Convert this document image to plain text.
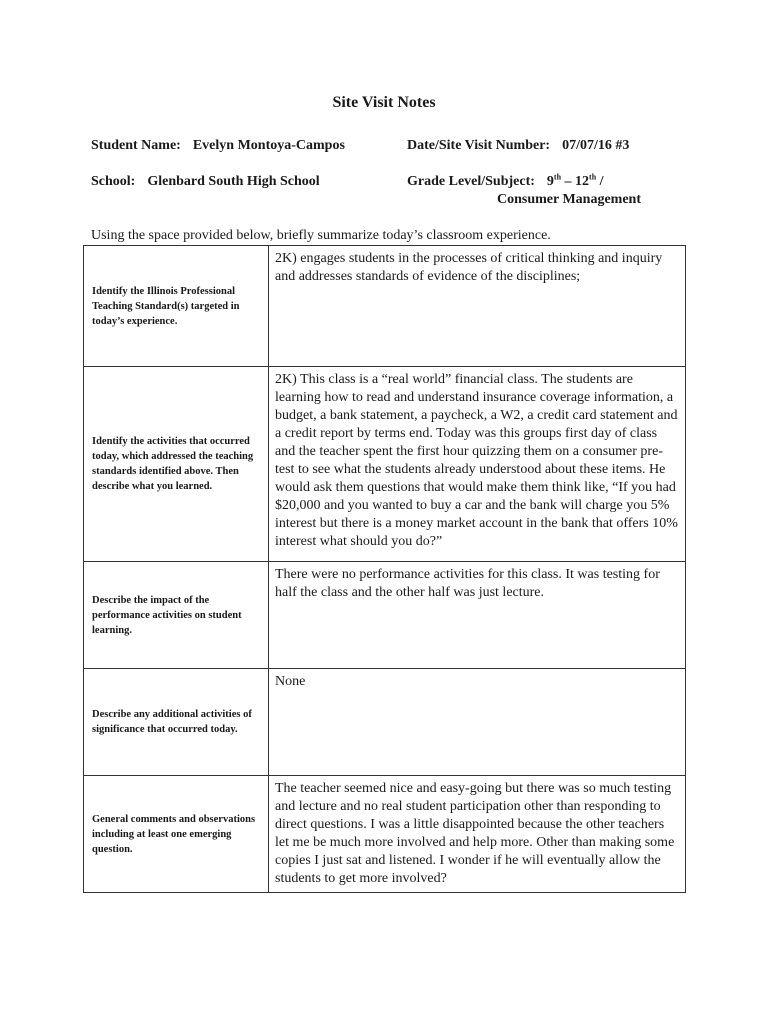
Site Visit Notes
Student Name: Evelyn Montoya-Campos	Date/Site Visit Number: 07/07/16 #3
School: Glenbard South High School	Grade Level/Subject: 9th – 12th /
Consumer Management
Using the space provided below, briefly summarize today’s classroom experience.
Identify the Illinois Professional Teaching Standard(s) targeted in today’s experience.	2K) engages students in the processes of critical thinking and inquiry and addresses standards of evidence of the disciplines;
Identify the activities that occurred today, which addressed the teaching standards identified above. Then describe what you learned.	2K) This class is a “real world” financial class. The students are learning how to read and understand insurance coverage information, a budget, a bank statement, a paycheck, a W2, a credit card statement and a credit report by terms end. Today was this groups first day of class and the teacher spent the first hour quizzing them on a consumer pre-test to see what the students already understood about these items. He would ask them questions that would make them think like, “If you had $20,000 and you wanted to buy a car and the bank will charge you 5% interest but there is a money market account in the bank that offers 10% interest what should you do?”
Describe the impact of the performance activities on student learning.	There were no performance activities for this class. It was testing for half the class and the other half was just lecture.
Describe any additional activities of significance that occurred today.	None
General comments and observations including at least one emerging question.	The teacher seemed nice and easy-going but there was so much testing and lecture and no real student participation other than responding to direct questions. I was a little disappointed because the other teachers let me be much more involved and help more. Other than making some copies I just sat and listened. I wonder if he will eventually allow the students to get more involved?
